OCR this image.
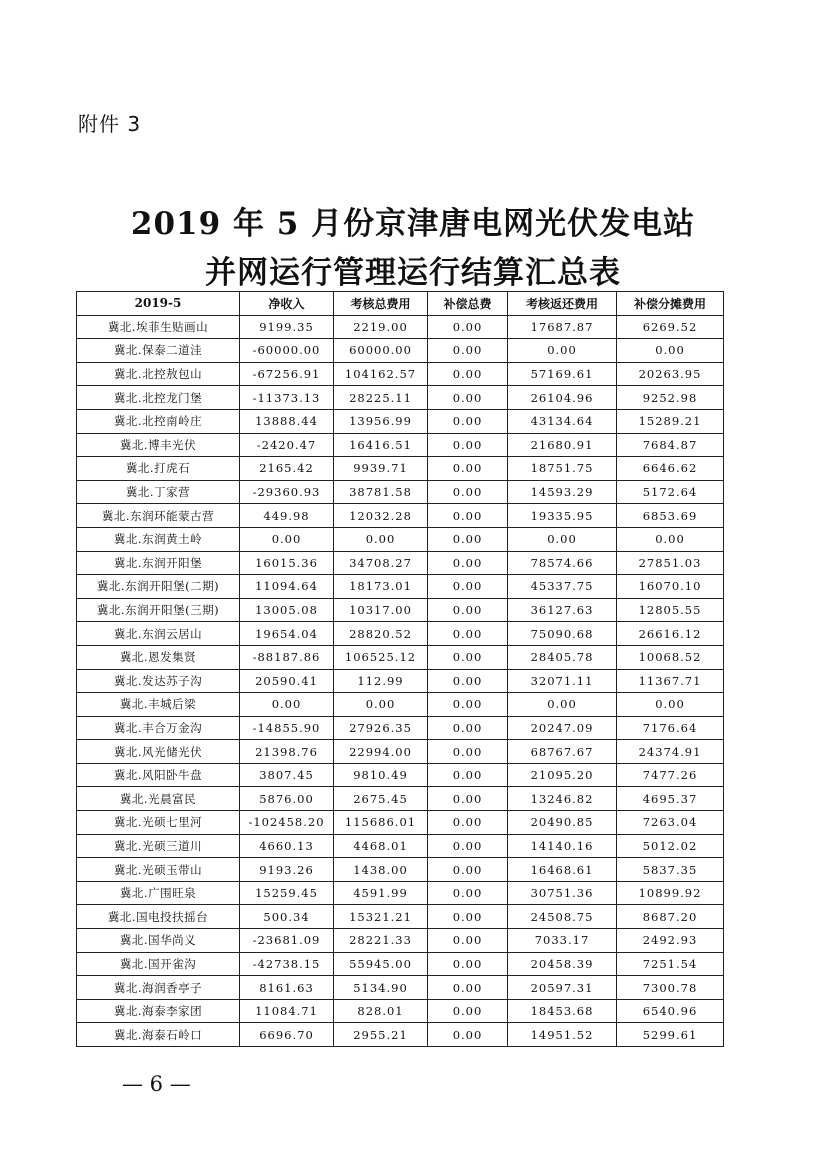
附件 3
2019 年 5 月份京津唐电网光伏发电站
并网运行管理运行结算汇总表
2019-5	净收入	考核总费用	补偿总费	考核返还费用	补偿分摊费用
冀北.埃菲生贴画山	9199.35	2219.00	0.00	17687.87	6269.52
冀北.保泰二道洼	-60000.00	60000.00	0.00	0.00	0.00
冀北.北控敖包山	-67256.91	104162.57	0.00	57169.61	20263.95
冀北.北控龙门堡	-11373.13	28225.11	0.00	26104.96	9252.98
冀北.北控南岭庄	13888.44	13956.99	0.00	43134.64	15289.21
冀北.博丰光伏	-2420.47	16416.51	0.00	21680.91	7684.87
冀北.打虎石	2165.42	9939.71	0.00	18751.75	6646.62
冀北.丁家营	-29360.93	38781.58	0.00	14593.29	5172.64
冀北.东润环能蒙古营	449.98	12032.28	0.00	19335.95	6853.69
冀北.东润黄土岭	0.00	0.00	0.00	0.00	0.00
冀北.东润开阳堡	16015.36	34708.27	0.00	78574.66	27851.03
冀北.东润开阳堡(二期)	11094.64	18173.01	0.00	45337.75	16070.10
冀北.东润开阳堡(三期)	13005.08	10317.00	0.00	36127.63	12805.55
冀北.东润云居山	19654.04	28820.52	0.00	75090.68	26616.12
冀北.恩发集贤	-88187.86	106525.12	0.00	28405.78	10068.52
冀北.发达苏子沟	20590.41	112.99	0.00	32071.11	11367.71
冀北.丰城后梁	0.00	0.00	0.00	0.00	0.00
冀北.丰合万金沟	-14855.90	27926.35	0.00	20247.09	7176.64
冀北.风光储光伏	21398.76	22994.00	0.00	68767.67	24374.91
冀北.风阳卧牛盘	3807.45	9810.49	0.00	21095.20	7477.26
冀北.光晨富民	5876.00	2675.45	0.00	13246.82	4695.37
冀北.光硕七里河	-102458.20	115686.01	0.00	20490.85	7263.04
冀北.光硕三道川	4660.13	4468.01	0.00	14140.16	5012.02
冀北.光硕玉带山	9193.26	1438.00	0.00	16468.61	5837.35
冀北.广围旺泉	15259.45	4591.99	0.00	30751.36	10899.92
冀北.国电投扶摇台	500.34	15321.21	0.00	24508.75	8687.20
冀北.国华尚义	-23681.09	28221.33	0.00	7033.17	2492.93
冀北.国开雀沟	-42738.15	55945.00	0.00	20458.39	7251.54
冀北.海润香亭子	8161.63	5134.90	0.00	20597.31	7300.78
冀北.海泰李家团	11084.71	828.01	0.00	18453.68	6540.96
冀北.海泰石岭口	6696.70	2955.21	0.00	14951.52	5299.61
— 6 —
